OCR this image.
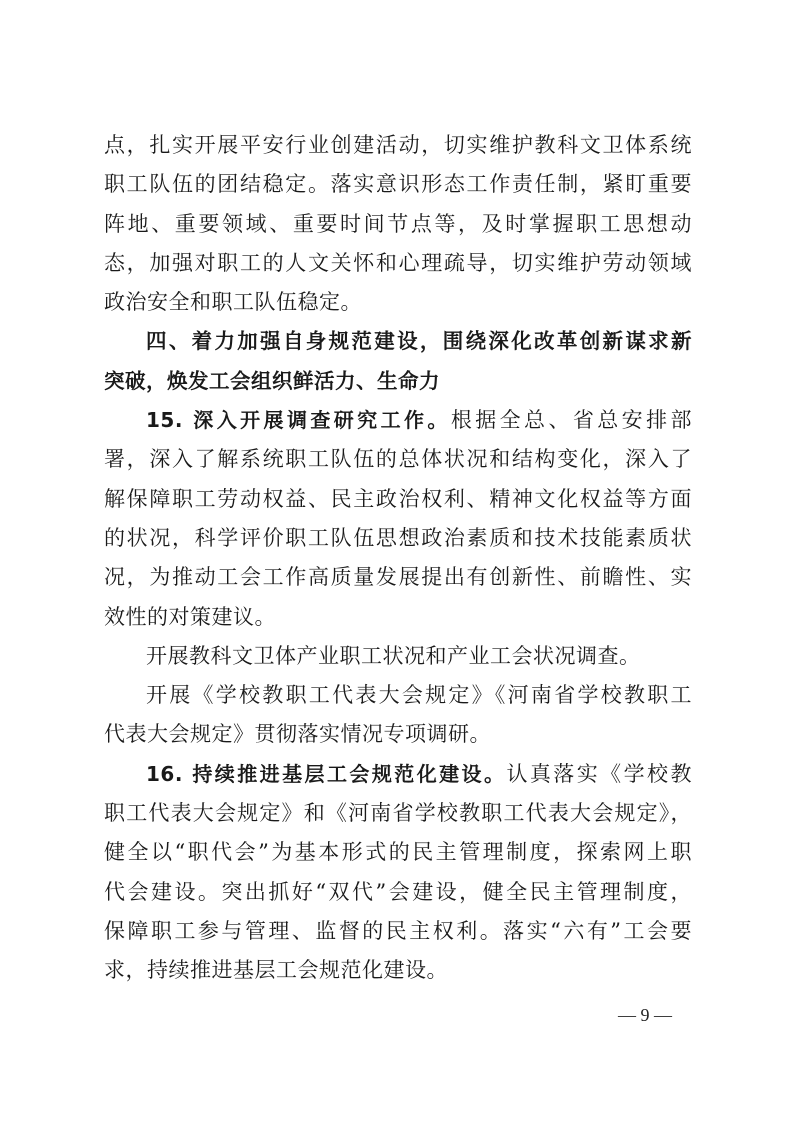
点，扎实开展平安行业创建活动，切实维护教科文卫体系统
职工队伍的团结稳定。落实意识形态工作责任制，紧盯重要
阵地、重要领域、重要时间节点等，及时掌握职工思想动
态，加强对职工的人文关怀和心理疏导，切实维护劳动领域
政治安全和职工队伍稳定。
四、着力加强自身规范建设，围绕深化改革创新谋求新
突破，焕发工会组织鲜活力、生命力
15. 深入开展调查研究工作。根据全总、省总安排部
署，深入了解系统职工队伍的总体状况和结构变化，深入了
解保障职工劳动权益、民主政治权利、精神文化权益等方面
的状况，科学评价职工队伍思想政治素质和技术技能素质状
况，为推动工会工作高质量发展提出有创新性、前瞻性、实
效性的对策建议。
开展教科文卫体产业职工状况和产业工会状况调查。
开展《学校教职工代表大会规定》《河南省学校教职工
代表大会规定》贯彻落实情况专项调研。
16. 持续推进基层工会规范化建设。认真落实《学校教
职工代表大会规定》和《河南省学校教职工代表大会规定》，
健全以“职代会”为基本形式的民主管理制度，探索网上职
代会建设。突出抓好“双代”会建设，健全民主管理制度，
保障职工参与管理、监督的民主权利。落实“六有”工会要
求，持续推进基层工会规范化建设。
— 9 —
